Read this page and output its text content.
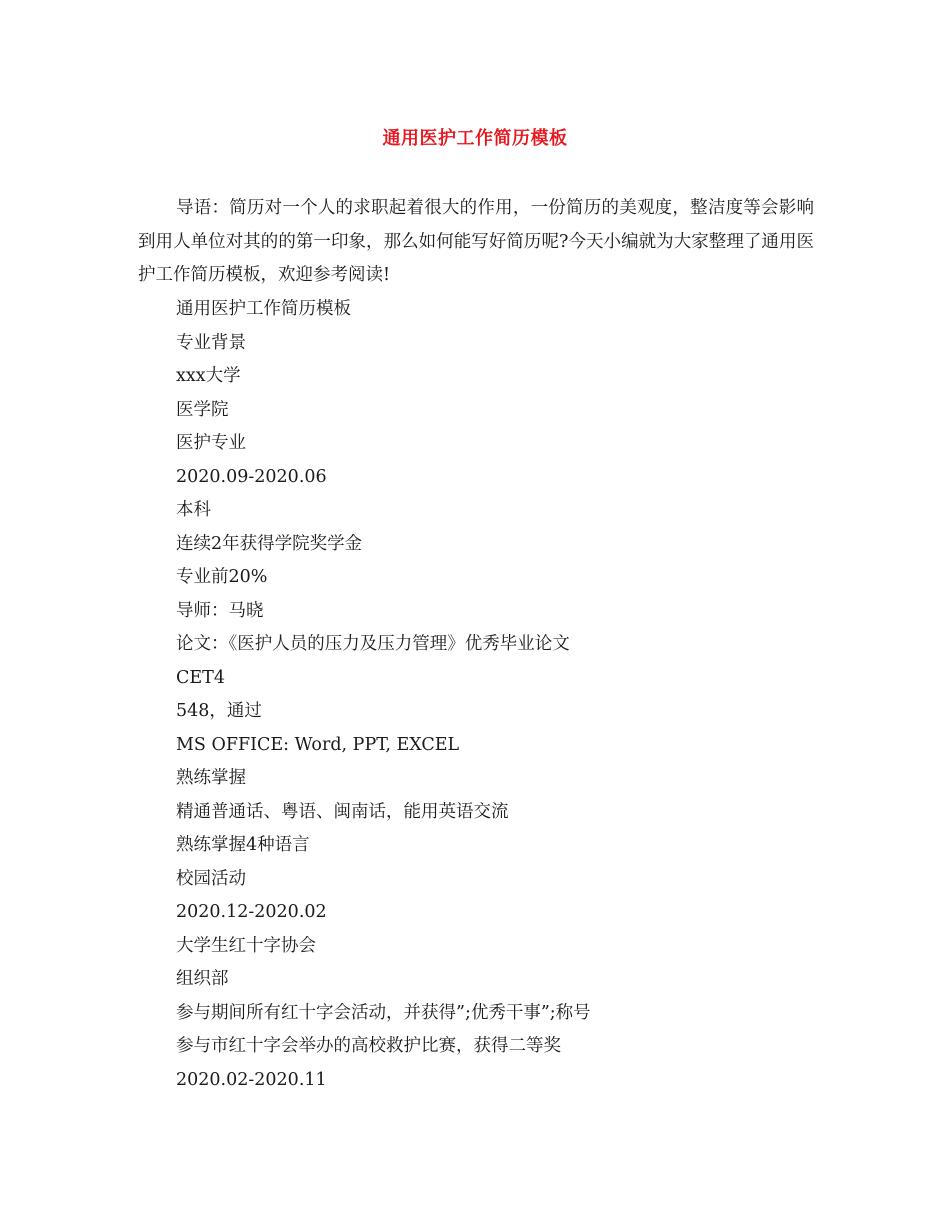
通用医护工作简历模板

导语：简历对一个人的求职起着很大的作用，一份简历的美观度，整洁度等会影响到用人单位对其的的第一印象，那么如何能写好简历呢?今天小编就为大家整理了通用医护工作简历模板，欢迎参考阅读!

通用医护工作简历模板
专业背景
xxx大学
医学院
医护专业
2020.09-2020.06
本科
连续2年获得学院奖学金
专业前20%
导师：马晓
论文：《医护人员的压力及压力管理》优秀毕业论文
CET4
548，通过
MS OFFICE: Word, PPT, EXCEL
熟练掌握
精通普通话、粤语、闽南话，能用英语交流
熟练掌握4种语言
校园活动
2020.12-2020.02
大学生红十字协会
组织部
参与期间所有红十字会活动，并获得”;优秀干事”;称号
参与市红十字会举办的高校救护比赛，获得二等奖
2020.02-2020.11
